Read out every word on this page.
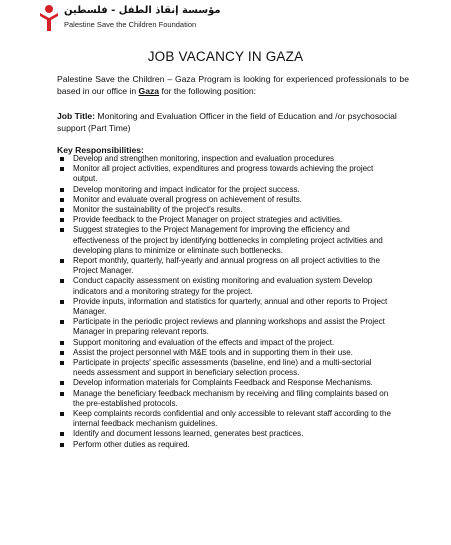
مؤسسة إنقاذ الطفل - فلسطين
Palestine Save the Children Foundation
JOB VACANCY IN GAZA
Palestine Save the Children – Gaza Program is looking for experienced professionals to be based in our office in Gaza for the following position:
Job Title: Monitoring and Evaluation Officer in the field of Education and /or psychosocial support (Part Time)
Key Responsibilities:
Develop and strengthen monitoring, inspection and evaluation procedures
Monitor all project activities, expenditures and progress towards achieving the project output.
Develop monitoring and impact indicator for the project success.
Monitor and evaluate overall progress on achievement of results.
Monitor the sustainability of the project's results.
Provide feedback to the Project Manager on project strategies and activities.
Suggest strategies to the Project Management for improving the efficiency and effectiveness of the project by identifying bottlenecks in completing project activities and developing plans to minimize or eliminate such bottlenecks.
Report monthly, quarterly, half-yearly and annual progress on all project activities to the Project Manager.
Conduct capacity assessment on existing monitoring and evaluation system Develop indicators and a monitoring strategy for the project.
Provide inputs, information and statistics for quarterly, annual and other reports to Project Manager.
Participate in the periodic project reviews and planning workshops and assist the Project Manager in preparing relevant reports.
Support monitoring and evaluation of the effects and impact of the project.
Assist the project personnel with M&E tools and in supporting them in their use.
Participate in projects' specific assessments (baseline, end line) and a multi-sectorial needs assessment and support in beneficiary selection process.
Develop information materials for Complaints Feedback and Response Mechanisms.
Manage the beneficiary feedback mechanism by receiving and filing complaints based on the pre-established protocols.
Keep complaints records confidential and only accessible to relevant staff according to the internal feedback mechanism guidelines.
Identify and document lessons learned, generates best practices.
Perform other duties as required.
